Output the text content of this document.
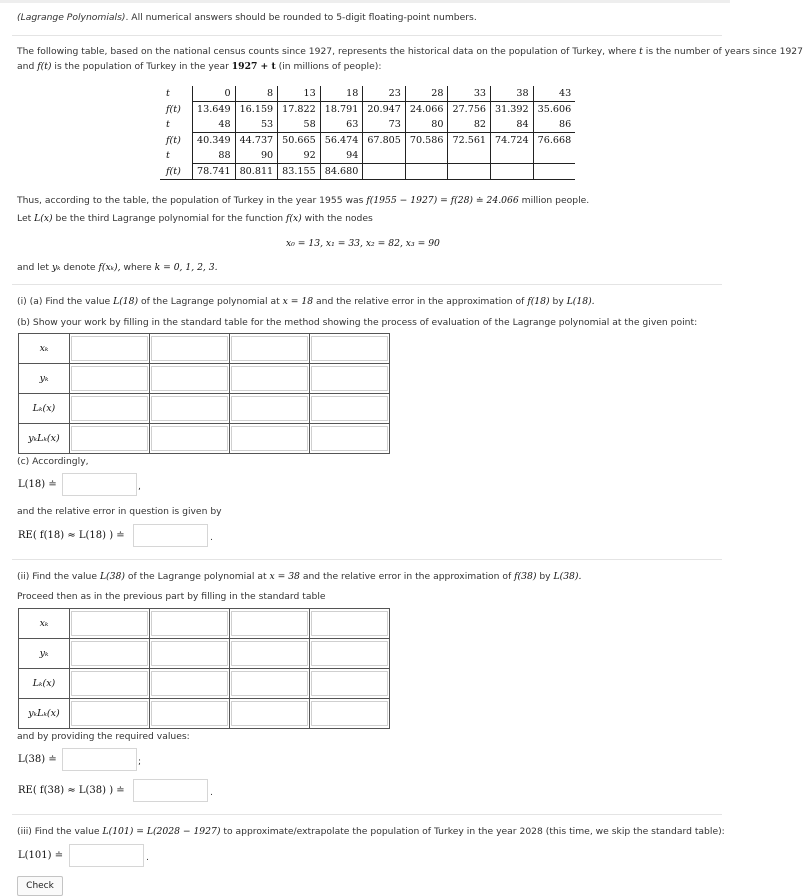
(Lagrange Polynomials). All numerical answers should be rounded to 5-digit floating-point numbers.
The following table, based on the national census counts since 1927, represents the historical data on the population of Turkey, where t is the number of years since 1927
and f(t) is the population of Turkey in the year 1927 + t (in millions of people):
t	0	8	13	18	23	28	33	38	43
f(t)	13.649	16.159	17.822	18.791	20.947	24.066	27.756	31.392	35.606
t	48	53	58	63	73	80	82	84	86
f(t)	40.349	44.737	50.665	56.474	67.805	70.586	72.561	74.724	76.668
t	88	90	92	94					
f(t)	78.741	80.811	83.155	84.680					
Thus, according to the table, the population of Turkey in the year 1955 was f(1955 − 1927) = f(28) ≐ 24.066 million people.
Let L(x) be the third Lagrange polynomial for the function f(x) with the nodes
x₀ = 13, x₁ = 33, x₂ = 82, x₃ = 90
and let yₖ denote f(xₖ), where k = 0, 1, 2, 3.
(i) (a) Find the value L(18) of the Lagrange polynomial at x = 18 and the relative error in the approximation of f(18) by L(18).
(b) Show your work by filling in the standard table for the method showing the process of evaluation of the Lagrange polynomial at the given point:
xₖ	

yₖ	

Lₖ(x)	

yₖLₖ(x)	

(c) Accordingly,
L(18) ≐	,
and the relative error in question is given by
RE( f(18) ≈ L(18) ) ≐	.
(ii) Find the value L(38) of the Lagrange polynomial at x = 38 and the relative error in the approximation of f(38) by L(38).
Proceed then as in the previous part by filling in the standard table
xₖ	

yₖ	

Lₖ(x)	

yₖLₖ(x)	

and by providing the required values:
L(38) ≐	;
RE( f(38) ≈ L(38) ) ≐	.
(iii) Find the value L(101) = L(2028 − 1927) to approximate/extrapolate the population of Turkey in the year 2028 (this time, we skip the standard table):
L(101) ≐	.
Check
